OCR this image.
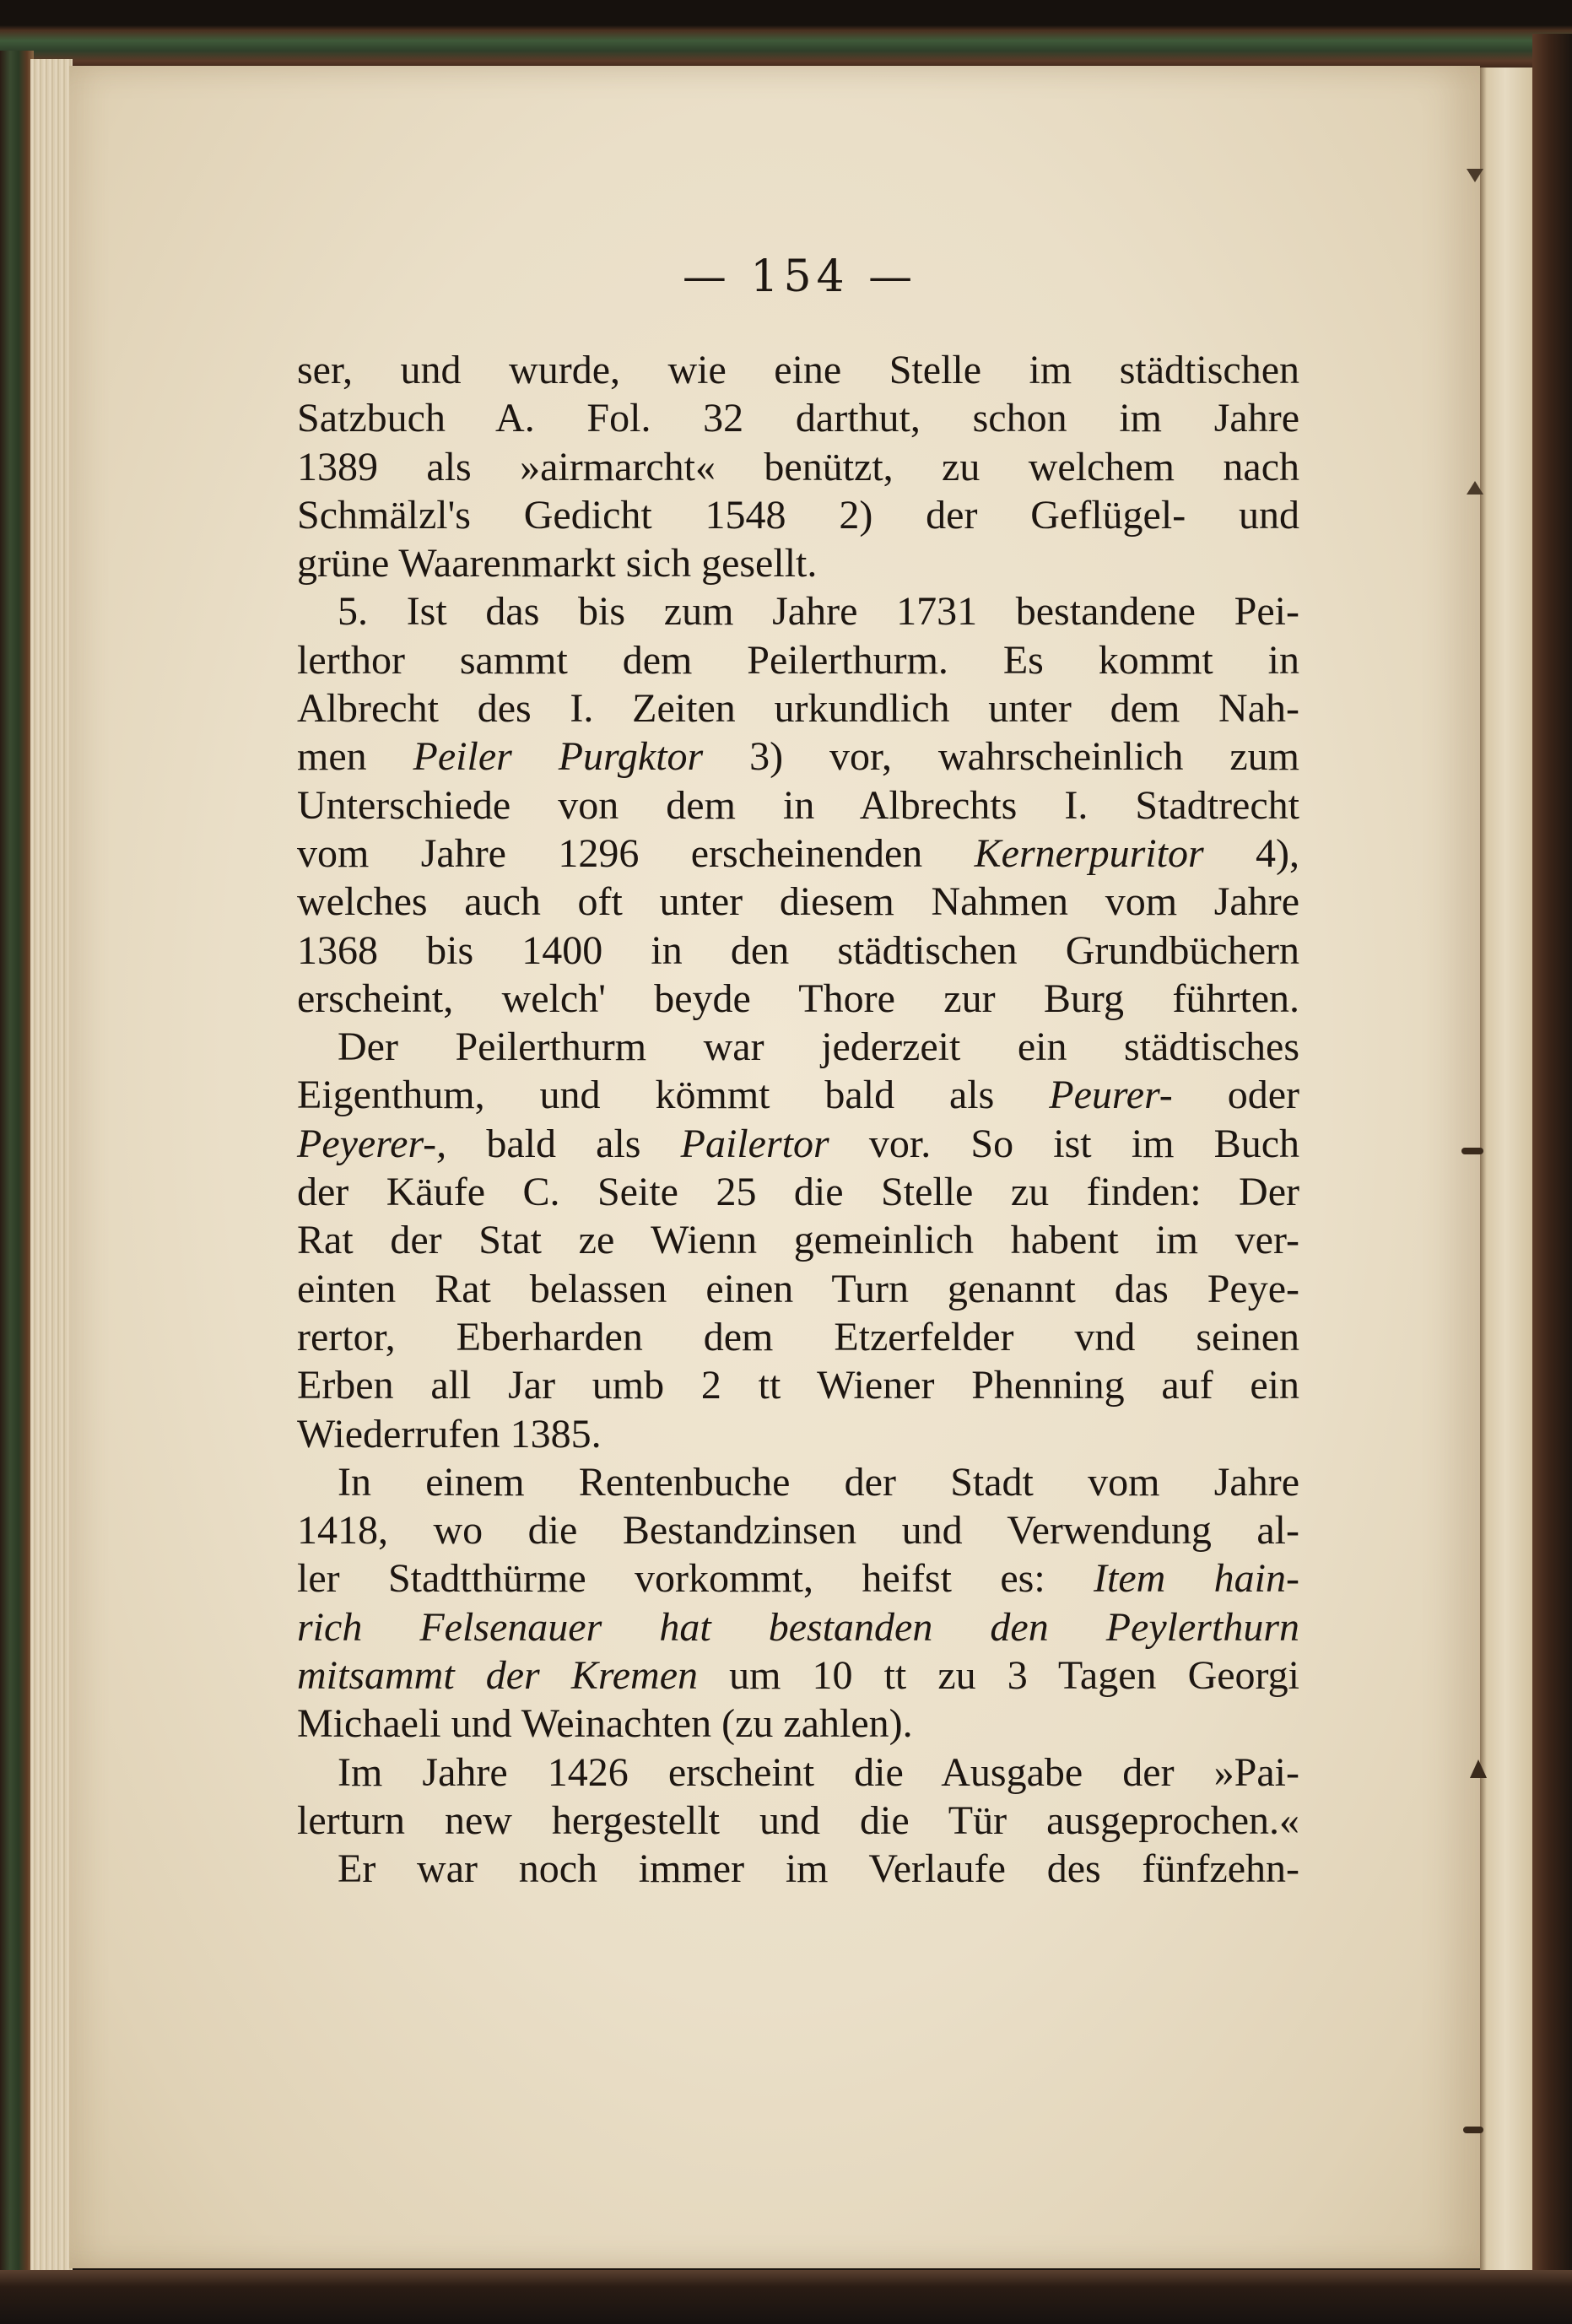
— 154 —
ser, und wurde, wie eine Stelle im städtischen
Satzbuch A. Fol. 32 darthut, schon im Jahre
1389 als »airmarcht« benützt, zu welchem nach
Schmälzl's Gedicht 1548 2) der Geflügel- und
grüne Waarenmarkt sich gesellt.
5. Ist das bis zum Jahre 1731 bestandene Pei-
lerthor sammt dem Peilerthurm. Es kommt in
Albrecht des I. Zeiten urkundlich unter dem Nah-
men Peiler Purgktor 3) vor, wahrscheinlich zum
Unterschiede von dem in Albrechts I. Stadtrecht
vom Jahre 1296 erscheinenden Kernerpuritor 4),
welches auch oft unter diesem Nahmen vom Jahre
1368 bis 1400 in den städtischen Grundbüchern
erscheint, welch' beyde Thore zur Burg führten.
Der Peilerthurm war jederzeit ein städtisches
Eigenthum, und kömmt bald als Peurer- oder
Peyerer-, bald als Pailertor vor. So ist im Buch
der Käufe C. Seite 25 die Stelle zu finden: Der
Rat der Stat ze Wienn gemeinlich habent im ver-
einten Rat belassen einen Turn genannt das Peye-
rertor, Eberharden dem Etzerfelder vnd seinen
Erben all Jar umb 2 tt Wiener Phenning auf ein
Wiederrufen 1385.
In einem Rentenbuche der Stadt vom Jahre
1418, wo die Bestandzinsen und Verwendung al-
ler Stadtthürme vorkommt, heifst es: Item hain-
rich Felsenauer hat bestanden den Peylerthurn
mitsammt der Kremen um 10 tt zu 3 Tagen Georgi
Michaeli und Weinachten (zu zahlen).
Im Jahre 1426 erscheint die Ausgabe der »Pai-
lerturn new hergestellt und die Tür ausgeprochen.«
Er war noch immer im Verlaufe des fünfzehn-
